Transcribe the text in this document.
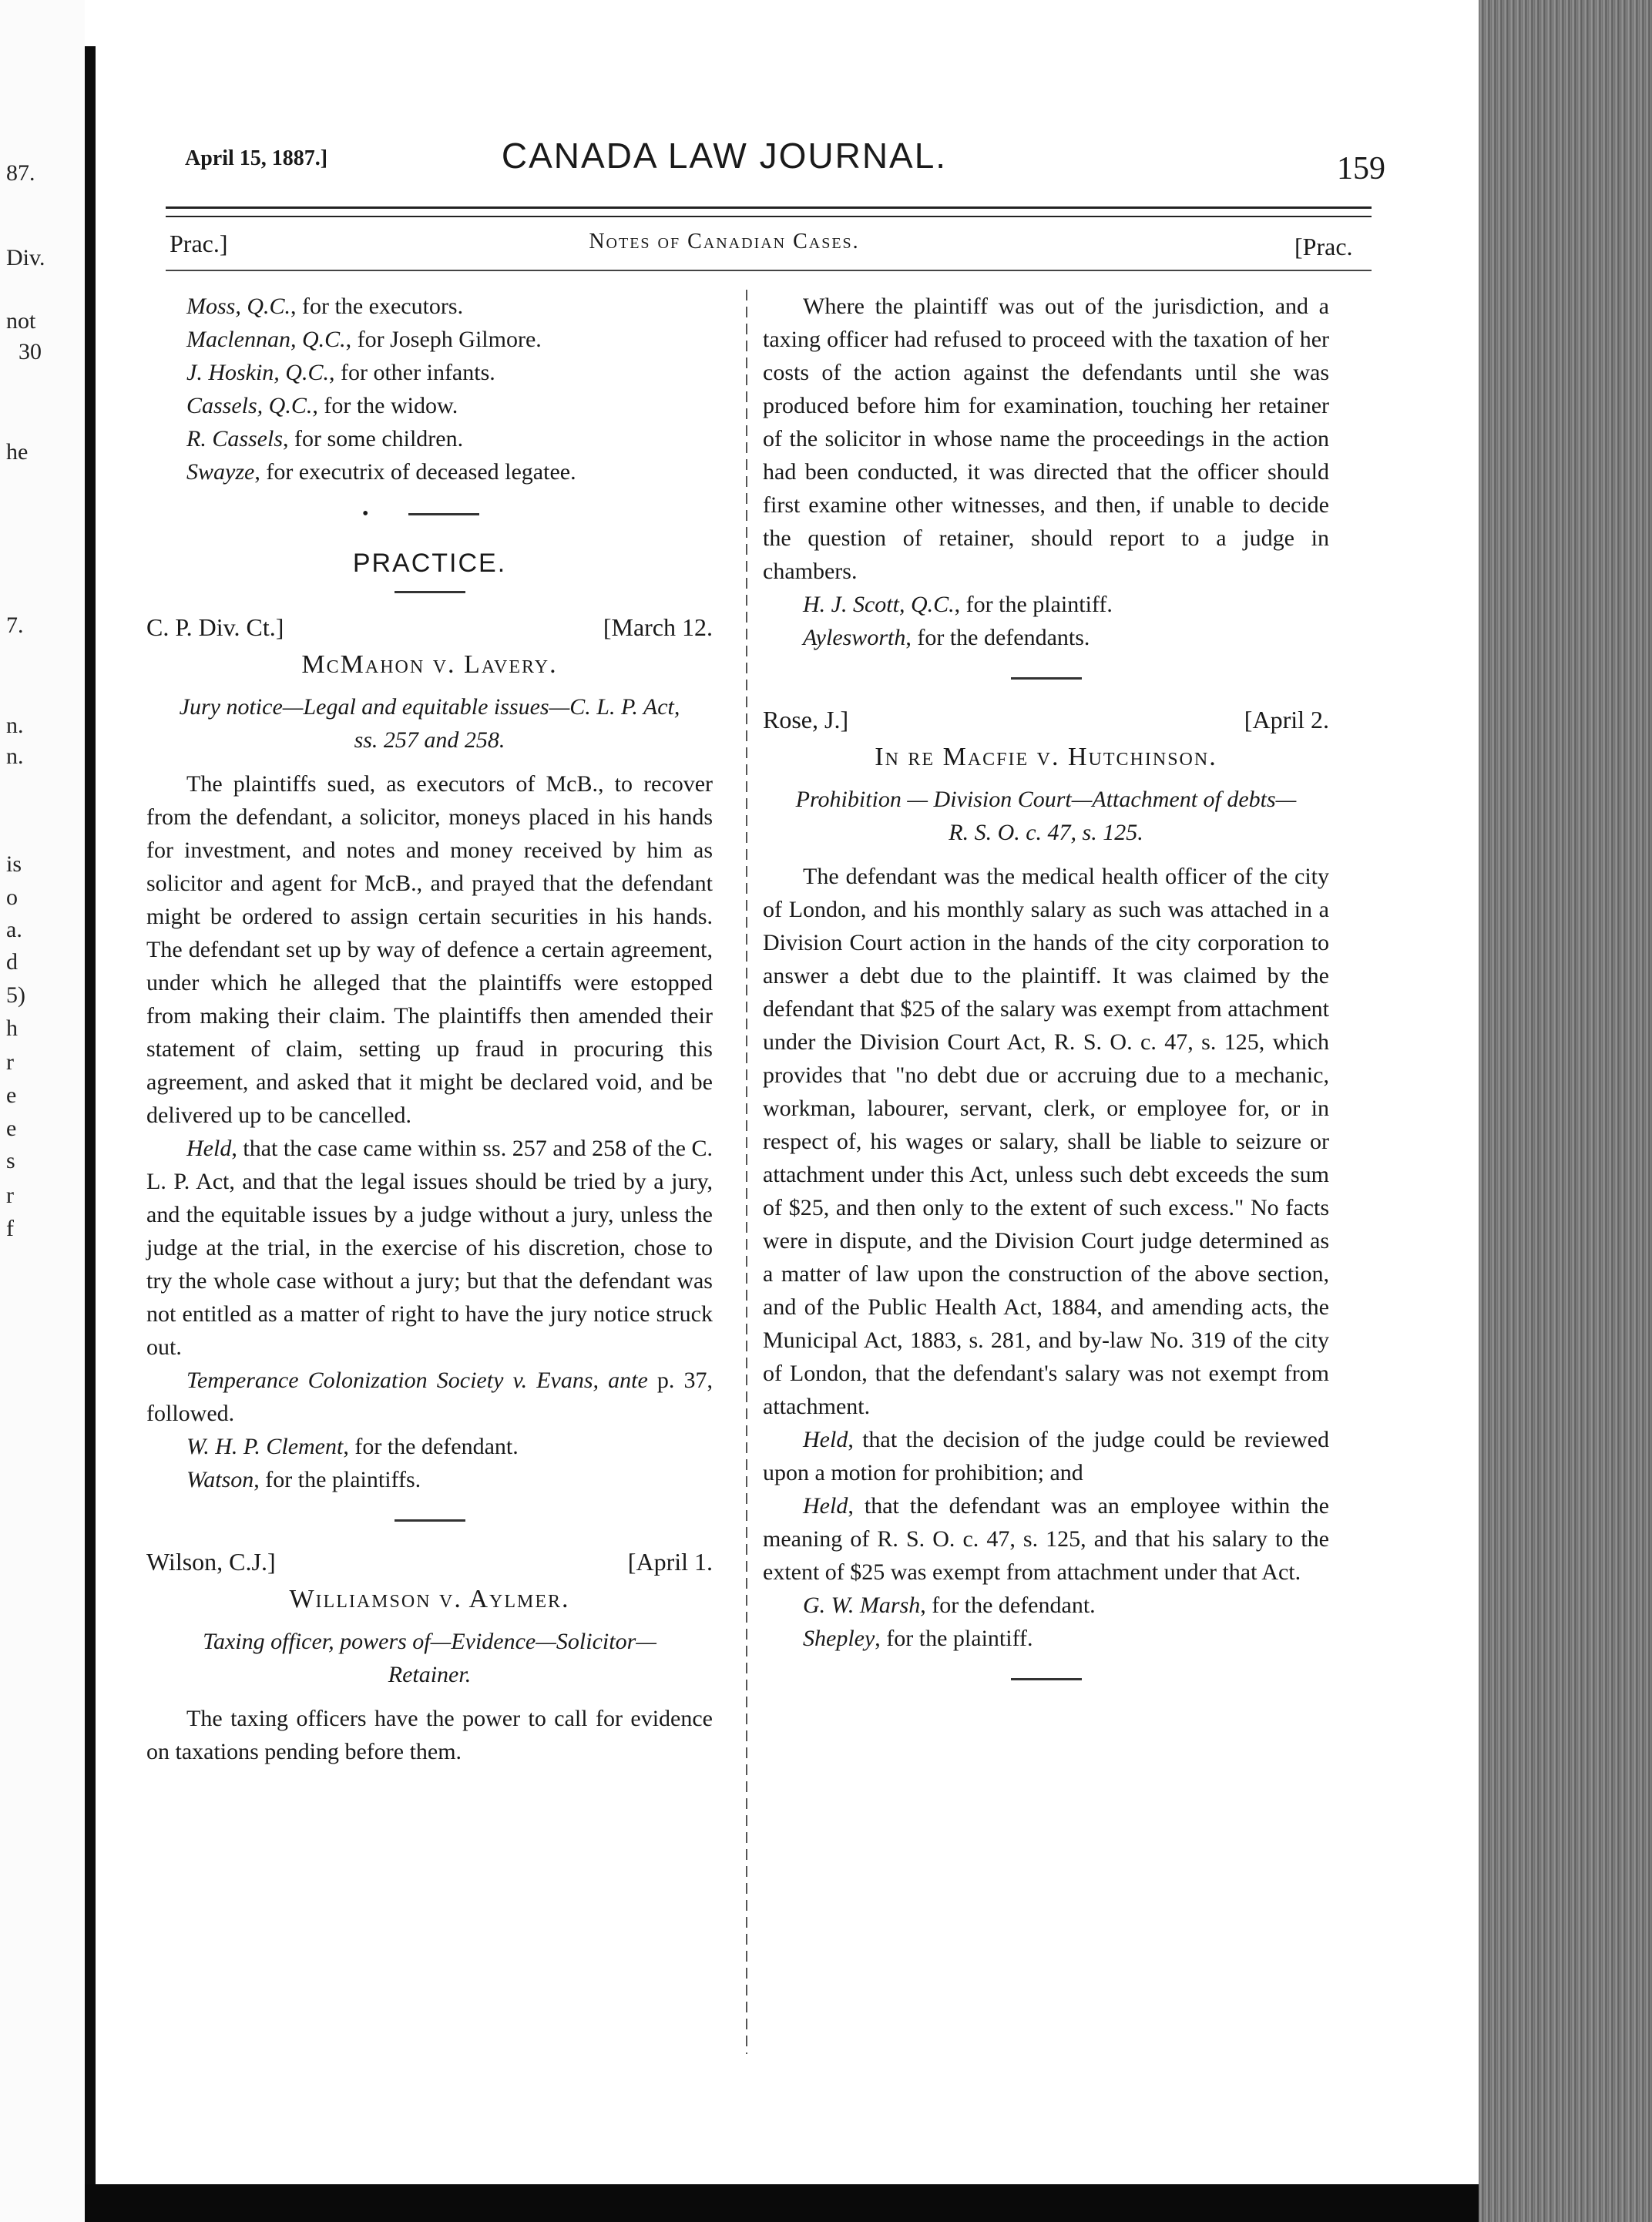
87.
Div.
not
30
he
7.
n.
n.
is
o
a.
d
5)
h
r
e
e
s
r
f
April 15, 1887.]	CANADA LAW JOURNAL.	159
Prac.]	Notes of Canadian Cases.	[Prac.
Moss, Q.C., for the executors.
Maclennan, Q.C., for Joseph Gilmore.
J. Hoskin, Q.C., for other infants.
Cassels, Q.C., for the widow.
R. Cassels, for some children.
Swayze, for executrix of deceased legatee.
•
PRACTICE.
C. P. Div. Ct.]	[March 12.
McMahon v. Lavery.
Jury notice—Legal and equitable issues—C. L. P. Act, ss. 257 and 258.

The plaintiffs sued, as executors of McB., to recover from the defendant, a solicitor, moneys placed in his hands for investment, and notes and money received by him as solicitor and agent for McB., and prayed that the defendant might be ordered to assign certain securities in his hands. The defendant set up by way of defence a certain agreement, under which he alleged that the plaintiffs were estopped from making their claim. The plaintiffs then amended their statement of claim, setting up fraud in procuring this agreement, and asked that it might be declared void, and be delivered up to be cancelled.

Held, that the case came within ss. 257 and 258 of the C. L. P. Act, and that the legal issues should be tried by a jury, and the equitable issues by a judge without a jury, unless the judge at the trial, in the exercise of his discretion, chose to try the whole case without a jury; but that the defendant was not entitled as a matter of right to have the jury notice struck out.

Temperance Colonization Society v. Evans, ante p. 37, followed.

W. H. P. Clement, for the defendant.
Watson, for the plaintiffs.
Wilson, C.J.]	[April 1.
Williamson v. Aylmer.
Taxing officer, powers of—Evidence—Solicitor—Retainer.

The taxing officers have the power to call for evidence on taxations pending before them.

Where the plaintiff was out of the jurisdiction, and a taxing officer had refused to proceed with the taxation of her costs of the action against the defendants until she was produced before him for examination, touching her retainer of the solicitor in whose name the proceedings in the action had been conducted, it was directed that the officer should first examine other witnesses, and then, if unable to decide the question of retainer, should report to a judge in chambers.

H. J. Scott, Q.C., for the plaintiff.
Aylesworth, for the defendants.
Rose, J.]	[April 2.
In re Macfie v. Hutchinson.
Prohibition — Division Court—Attachment of debts—R. S. O. c. 47, s. 125.

The defendant was the medical health officer of the city of London, and his monthly salary as such was attached in a Division Court action in the hands of the city corporation to answer a debt due to the plaintiff. It was claimed by the defendant that $25 of the salary was exempt from attachment under the Division Court Act, R. S. O. c. 47, s. 125, which provides that "no debt due or accruing due to a mechanic, workman, labourer, servant, clerk, or employee for, or in respect of, his wages or salary, shall be liable to seizure or attachment under this Act, unless such debt exceeds the sum of $25, and then only to the extent of such excess." No facts were in dispute, and the Division Court judge determined as a matter of law upon the construction of the above section, and of the Public Health Act, 1884, and amending acts, the Municipal Act, 1883, s. 281, and by-law No. 319 of the city of London, that the defendant's salary was not exempt from attachment.

Held, that the decision of the judge could be reviewed upon a motion for prohibition; and

Held, that the defendant was an employee within the meaning of R. S. O. c. 47, s. 125, and that his salary to the extent of $25 was exempt from attachment under that Act.

G. W. Marsh, for the defendant.
Shepley, for the plaintiff.
